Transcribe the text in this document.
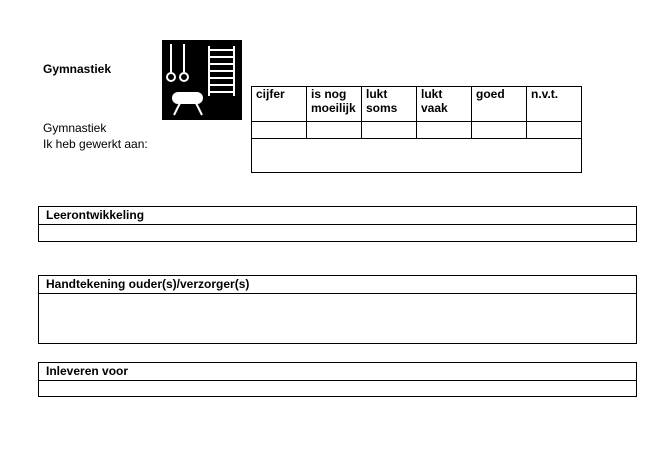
Gymnastiek
Gymnastiek
Ik heb gewerkt aan:
cijfer	is nog moeilijk	lukt soms	lukt vaak	goed	n.v.t.

Leerontwikkeling
Handtekening ouder(s)/verzorger(s)
Inleveren voor
